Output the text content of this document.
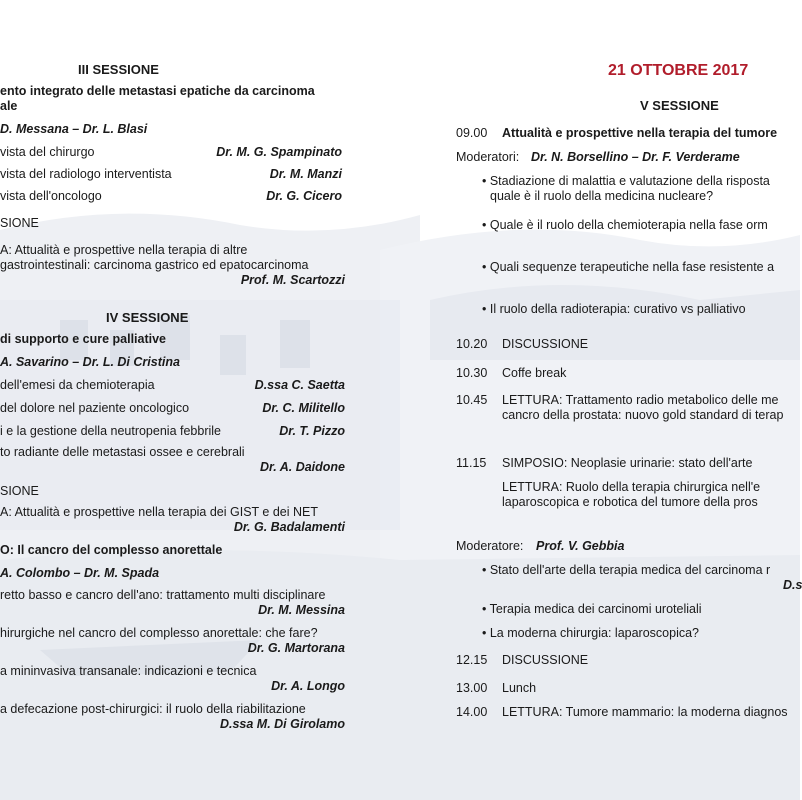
III SESSIONE
ento integrato delle metastasi epatiche da carcinoma
ale
D. Messana – Dr. L. Blasi
vista del chirurgo	Dr. M. G. Spampinato
vista del radiologo interventista	Dr. M. Manzi
vista dell'oncologo	Dr. G. Cicero
SIONE
A: Attualità e prospettive nella terapia di altre
gastrointestinali: carcinoma gastrico ed epatocarcinoma
Prof. M. Scartozzi
IV SESSIONE
di supporto e cure palliative
A. Savarino – Dr. L. Di Cristina
dell'emesi da chemioterapia	D.ssa C. Saetta
del dolore nel paziente oncologico	Dr. C. Militello
i e la gestione della neutropenia febbrile	Dr. T. Pizzo
to radiante delle metastasi ossee e cerebrali
Dr. A. Daidone
SIONE
A: Attualità e prospettive nella terapia dei GIST e dei NET
Dr. G. Badalamenti
O: Il cancro del complesso anorettale
A. Colombo – Dr. M. Spada
retto basso e cancro dell'ano: trattamento multi disciplinare
Dr. M. Messina
hirurgiche nel cancro del complesso anorettale: che fare?
Dr. G. Martorana
a mininvasiva transanale: indicazioni e tecnica
Dr. A. Longo
a defecazione post-chirurgici: il ruolo della riabilitazione
D.ssa M. Di Girolamo
21 OTTOBRE 2017
V SESSIONE
09.00 Attualità e prospettive nella terapia del tumore
Moderatori: Dr. N. Borsellino – Dr. F. Verderame
• Stadiazione di malattia e valutazione della risposta
quale è il ruolo della medicina nucleare?
• Quale è il ruolo della chemioterapia nella fase orm
• Quali sequenze terapeutiche nella fase resistente a
• Il ruolo della radioterapia: curativo vs palliativo
10.20 DISCUSSIONE
10.30 Coffe break
10.45 LETTURA: Trattamento radio metabolico delle me
cancro della prostata: nuovo gold standard di terap
11.15 SIMPOSIO: Neoplasie urinarie: stato dell'arte
LETTURA: Ruolo della terapia chirurgica nell'e
laparoscopica e robotica del tumore della pros
Moderatore: Prof. V. Gebbia
• Stato dell'arte della terapia medica del carcinoma r
D.s
• Terapia medica dei carcinomi uroteliali
• La moderna chirurgia: laparoscopica?
12.15 DISCUSSIONE
13.00 Lunch
14.00 LETTURA: Tumore mammario: la moderna diagnos
